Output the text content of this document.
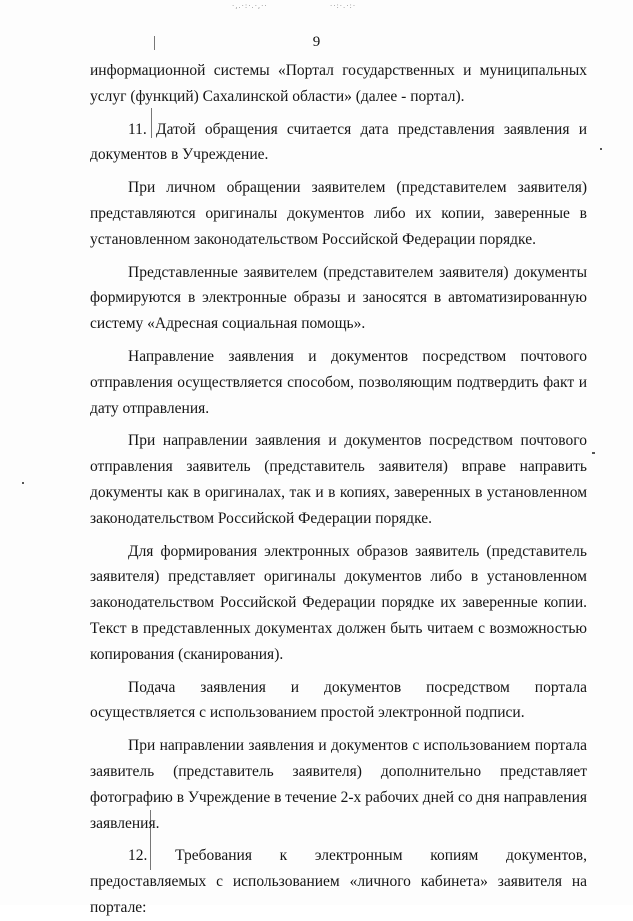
·,.·:·.·,··	··:·.·:·
9

информационной системы «Портал государственных и муниципальных услуг (функций) Сахалинской области» (далее - портал).

11. Датой обращения считается дата представления заявления и документов в Учреждение.

При личном обращении заявителем (представителем заявителя) представляются оригиналы документов либо их копии, заверенные в установленном законодательством Российской Федерации порядке.

Представленные заявителем (представителем заявителя) документы формируются в электронные образы и заносятся в автоматизированную систему «Адресная социальная помощь».

Направление заявления и документов посредством почтового отправления осуществляется способом, позволяющим подтвердить факт и дату отправления.

При направлении заявления и документов посредством почтового отправления заявитель (представитель заявителя) вправе направить документы как в оригиналах, так и в копиях, заверенных в установленном законодательством Российской Федерации порядке.

Для формирования электронных образов заявитель (представитель заявителя) представляет оригиналы документов либо в установленном законодательством Российской Федерации порядке их заверенные копии. Текст в представленных документах должен быть читаем с возможностью копирования (сканирования).

Подача заявления и документов посредством портала осуществляется с использованием простой электронной подписи.

При направлении заявления и документов с использованием портала заявитель (представитель заявителя) дополнительно представляет фотографию в Учреждение в течение 2-х рабочих дней со дня направления заявления.

12. Требования к электронным копиям документов, предоставляемых с использованием «личного кабинета» заявителя на портале:
